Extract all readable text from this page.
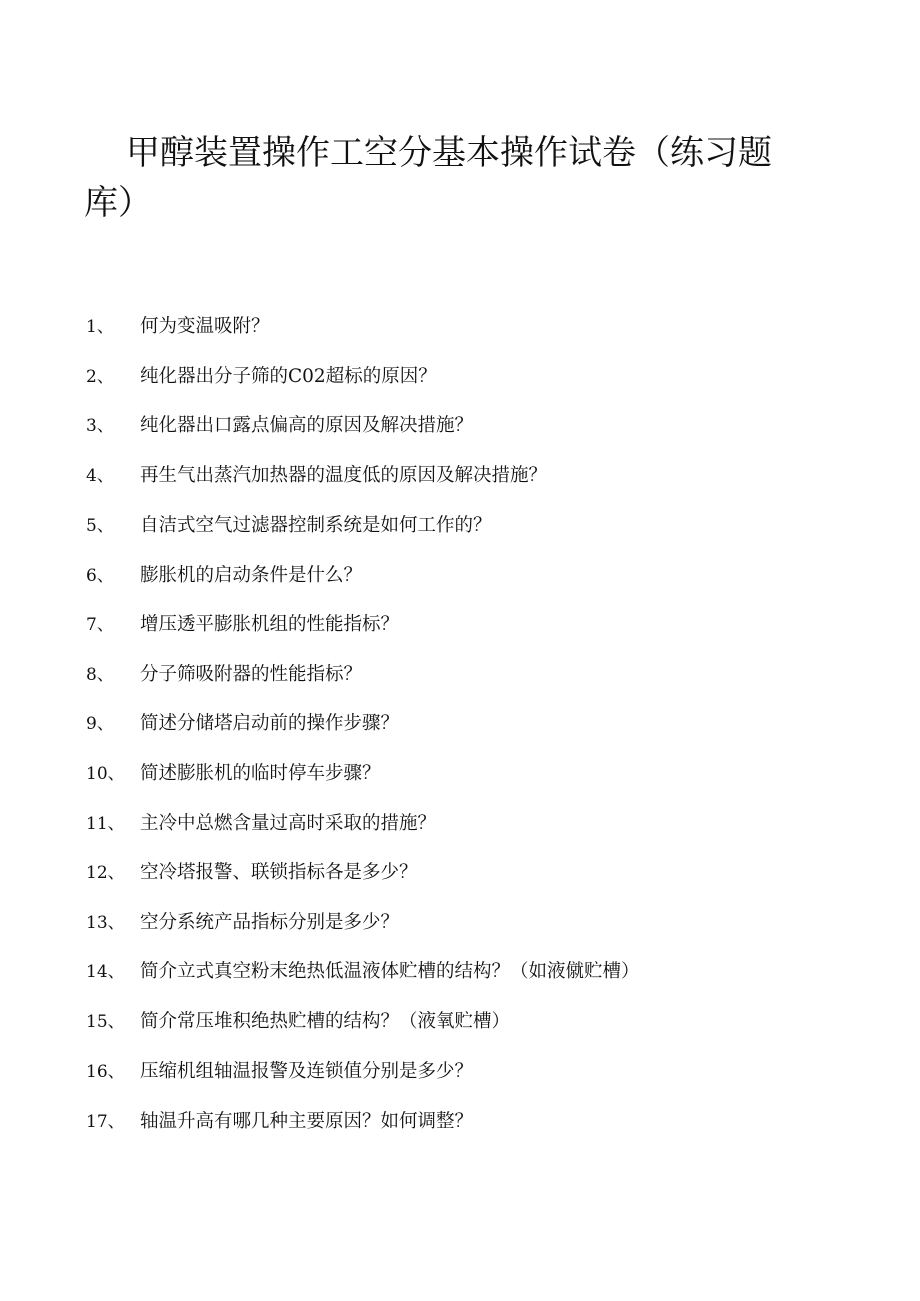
甲醇装置操作工空分基本操作试卷（练习题库）
1、 何为变温吸附？
2、 纯化器出分子筛的C02超标的原因？
3、 纯化器出口露点偏高的原因及解决措施？
4、 再生气出蒸汽加热器的温度低的原因及解决措施？
5、 自洁式空气过滤器控制系统是如何工作的？
6、 膨胀机的启动条件是什么？
7、 增压透平膨胀机组的性能指标？
8、 分子筛吸附器的性能指标？
9、 简述分储塔启动前的操作步骤？
10、 简述膨胀机的临时停车步骤？
11、 主冷中总燃含量过高时采取的措施？
12、 空冷塔报警、联锁指标各是多少？
13、 空分系统产品指标分别是多少？
14、 简介立式真空粉末绝热低温液体贮槽的结构？（如液僦贮槽）
15、 简介常压堆积绝热贮槽的结构？（液氧贮槽）
16、 压缩机组轴温报警及连锁值分别是多少？
17、 轴温升高有哪几种主要原因？如何调整？
